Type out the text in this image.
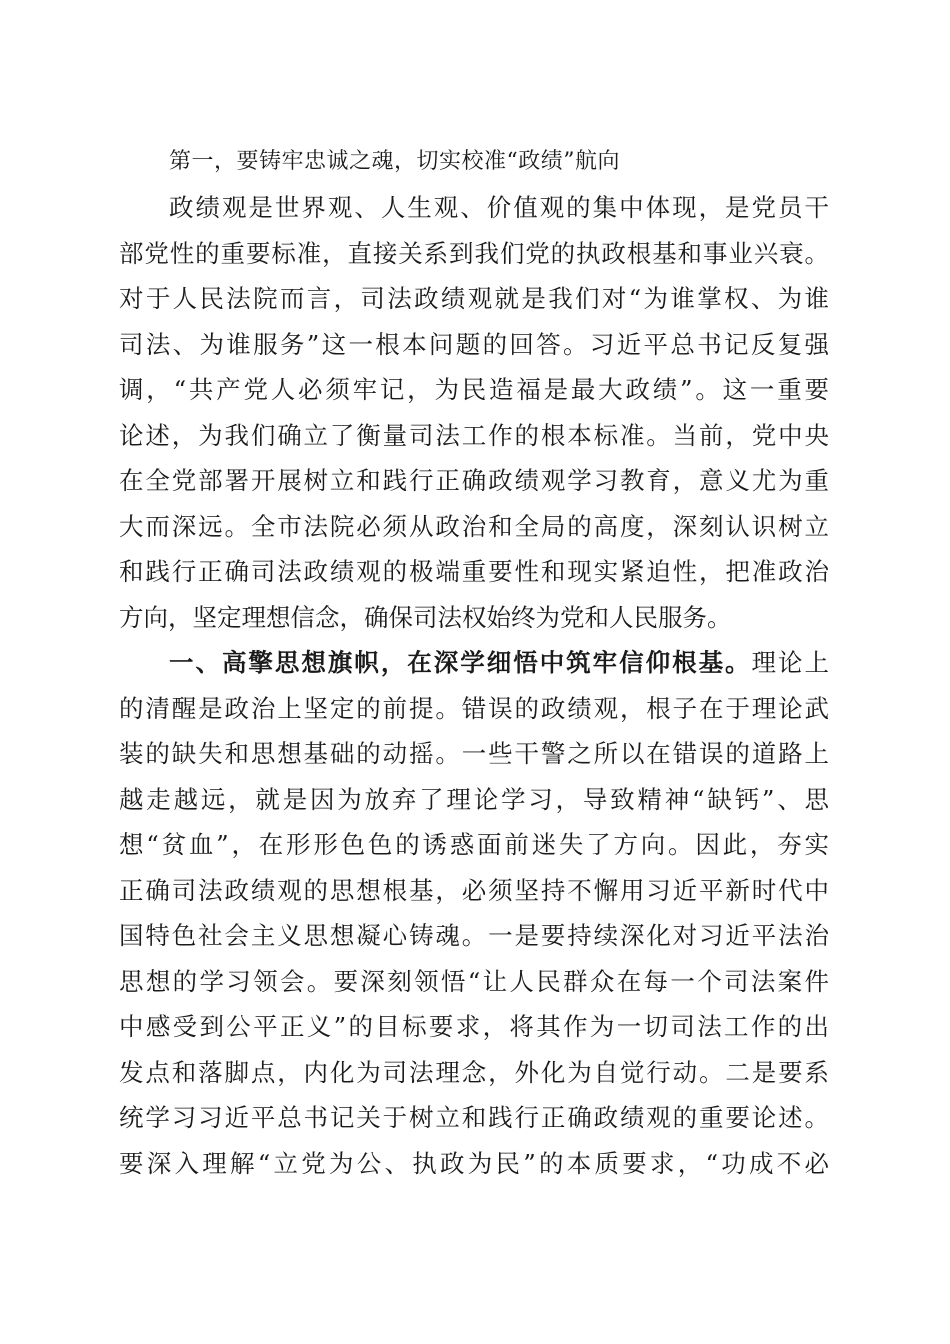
第一，要铸牢忠诚之魂，切实校准“政绩”航向
政绩观是世界观、人生观、价值观的集中体现，是党员干
部党性的重要标准，直接关系到我们党的执政根基和事业兴衰。
对于人民法院而言，司法政绩观就是我们对“为谁掌权、为谁
司法、为谁服务”这一根本问题的回答。习近平总书记反复强
调，“共产党人必须牢记，为民造福是最大政绩”。这一重要
论述，为我们确立了衡量司法工作的根本标准。当前，党中央
在全党部署开展树立和践行正确政绩观学习教育，意义尤为重
大而深远。全市法院必须从政治和全局的高度，深刻认识树立
和践行正确司法政绩观的极端重要性和现实紧迫性，把准政治
方向，坚定理想信念，确保司法权始终为党和人民服务。
一、高擎思想旗帜，在深学细悟中筑牢信仰根基。理论上
的清醒是政治上坚定的前提。错误的政绩观，根子在于理论武
装的缺失和思想基础的动摇。一些干警之所以在错误的道路上
越走越远，就是因为放弃了理论学习，导致精神“缺钙”、思
想“贫血”，在形形色色的诱惑面前迷失了方向。因此，夯实
正确司法政绩观的思想根基，必须坚持不懈用习近平新时代中
国特色社会主义思想凝心铸魂。一是要持续深化对习近平法治
思想的学习领会。要深刻领悟“让人民群众在每一个司法案件
中感受到公平正义”的目标要求，将其作为一切司法工作的出
发点和落脚点，内化为司法理念，外化为自觉行动。二是要系
统学习习近平总书记关于树立和践行正确政绩观的重要论述。
要深入理解“立党为公、执政为民”的本质要求，“功成不必
